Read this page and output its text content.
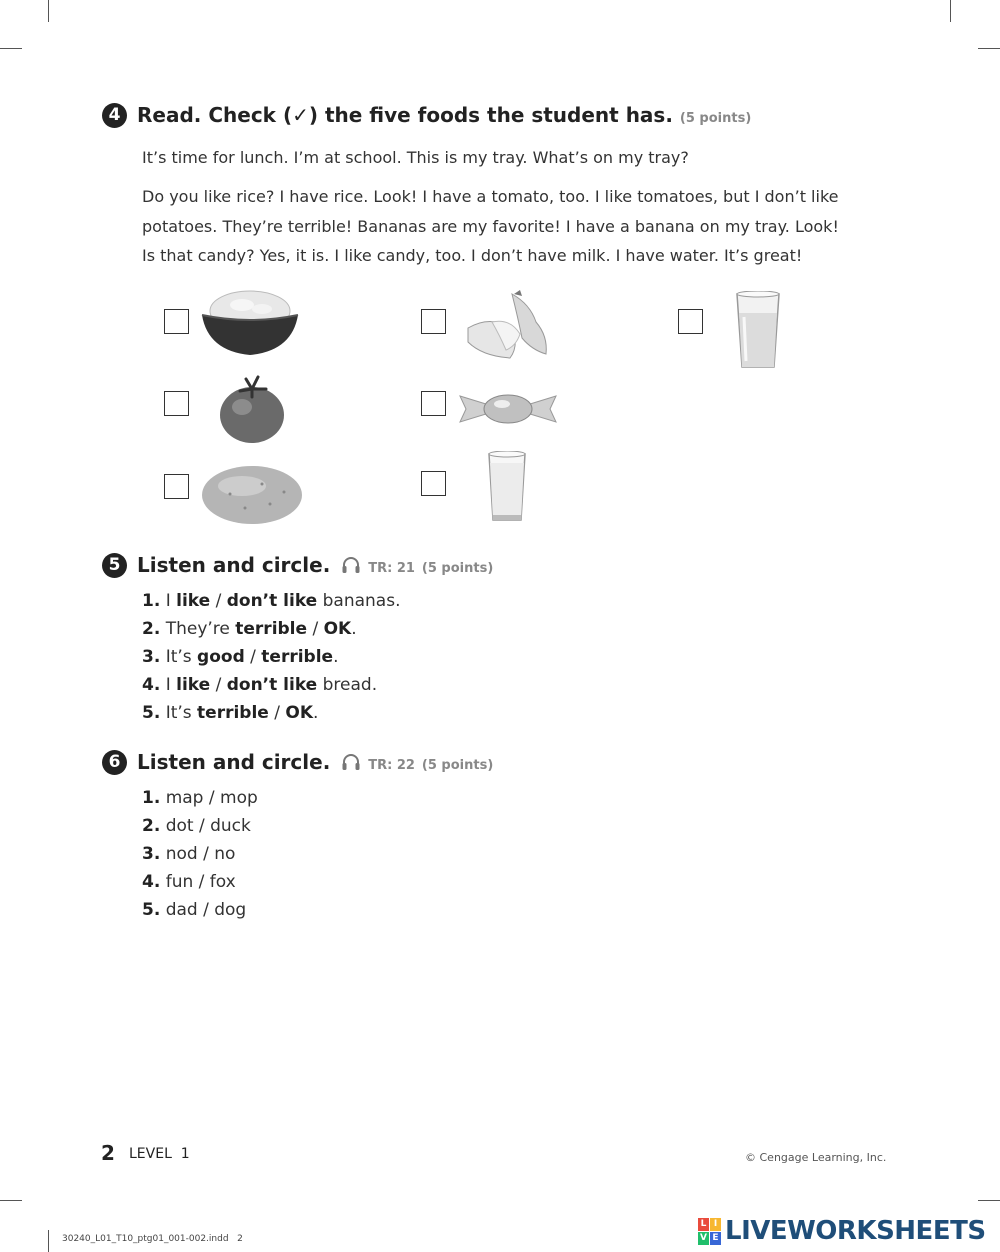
4 Read. Check (✓) the five foods the student has. (5 points)
It’s time for lunch. I’m at school. This is my tray. What’s on my tray?
Do you like rice? I have rice. Look! I have a tomato, too. I like tomatoes, but I don’t like
potatoes. They’re terrible! Bananas are my favorite! I have a banana on my tray. Look!
Is that candy? Yes, it is. I like candy, too. I don’t have milk. I have water. It’s great!
5 Listen and circle.	TR: 21 (5 points)
1. I like / don’t like bananas.
2. They’re terrible / OK.
3. It’s good / terrible.
4. I like / don’t like bread.
5. It’s terrible / OK.
6 Listen and circle.	TR: 22 (5 points)
1. map / mop
2. dot / duck
3. nod / no
4. fun / fox
5. dad / dog
2 LEVEL  1	© Cengage Learning, Inc.
30240_L01_T10_ptg01_001-002.indd   2
L I
V E LIVEWORKSHEETS
